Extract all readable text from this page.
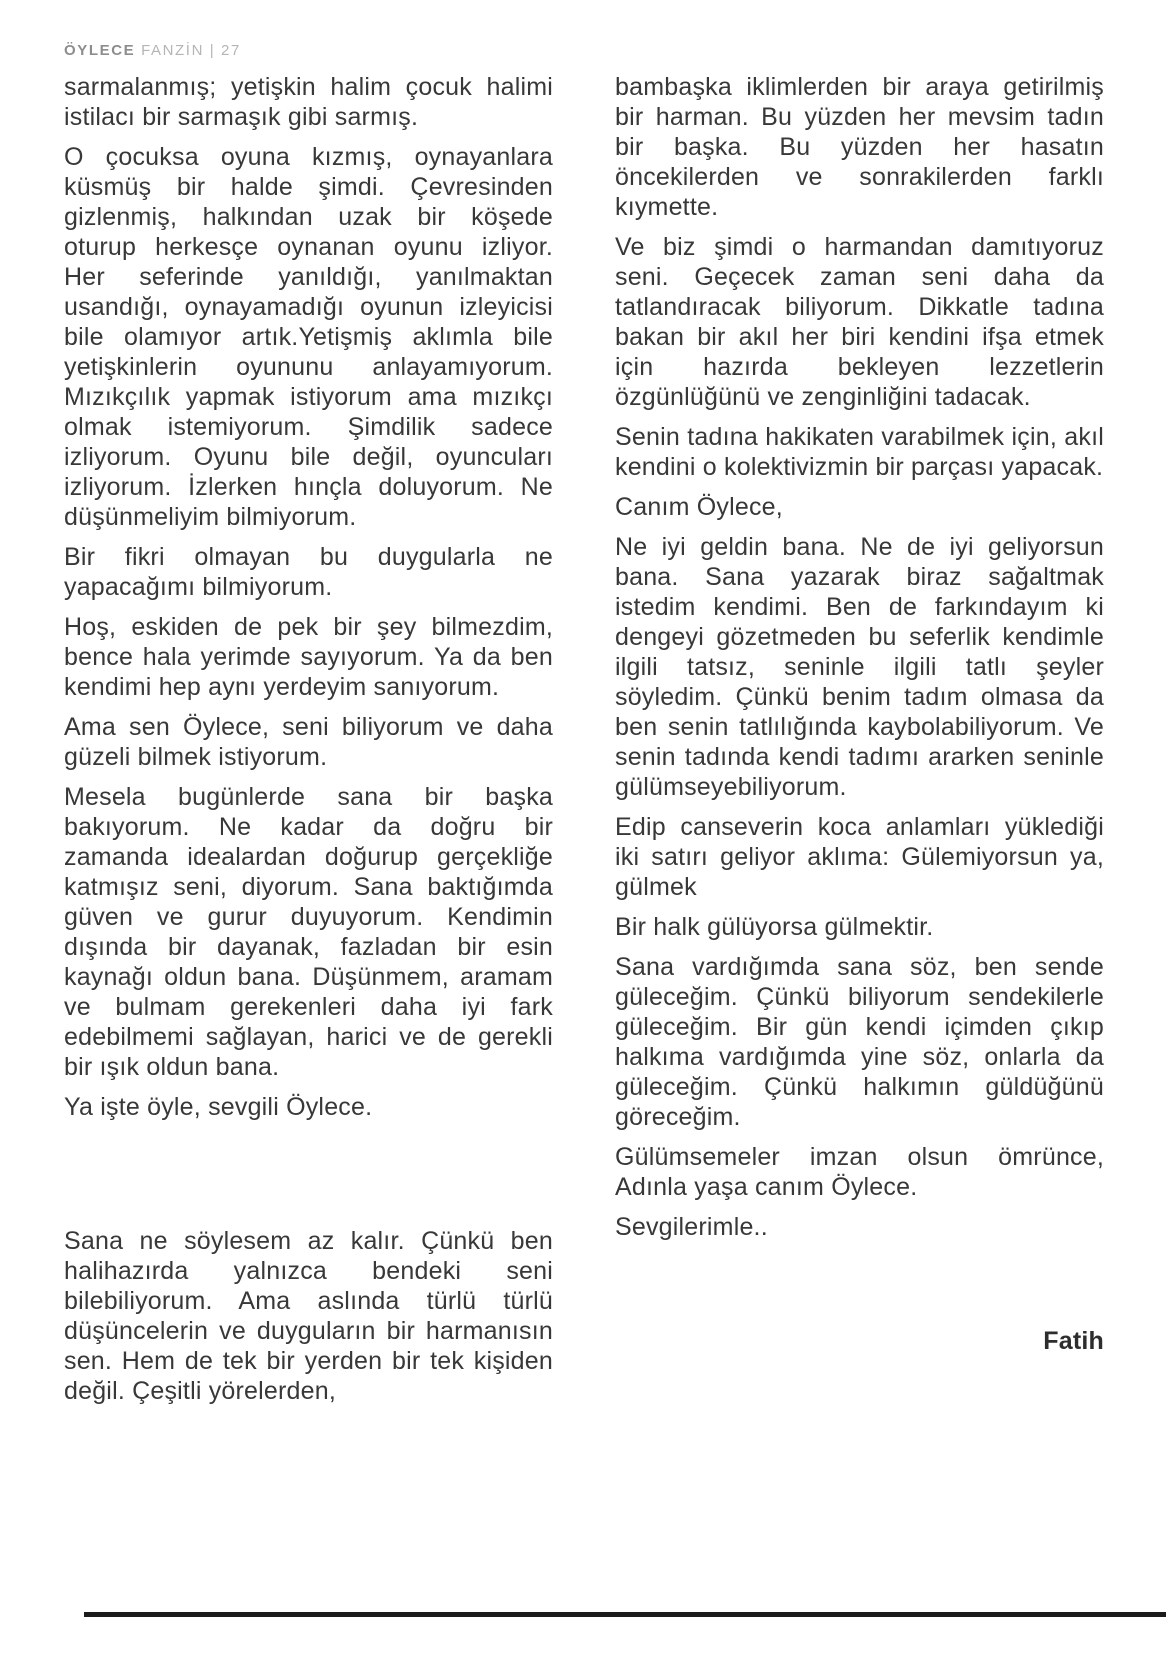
ÖYLECE FANZİN | 27

sarmalanmış; yetişkin halim çocuk halimi istilacı bir sarmaşık gibi sarmış.

O çocuksa oyuna kızmış, oynayanlara küsmüş bir halde şimdi. Çevresinden gizlenmiş, halkından uzak bir köşede oturup herkesçe oynanan oyunu izliyor. Her seferinde yanıldığı, yanılmaktan usandığı, oynayamadığı oyunun izleyicisi bile olamıyor artık.Yetişmiş aklımla bile yetişkinlerin oyununu anlayamıyorum. Mızıkçılık yapmak istiyorum ama mızıkçı olmak istemiyorum. Şimdilik sadece izliyorum. Oyunu bile değil, oyuncuları izliyorum. İzlerken hınçla doluyorum. Ne düşünmeliyim bilmiyorum.

Bir fikri olmayan bu duygularla ne yapacağımı bilmiyorum.

Hoş, eskiden de pek bir şey bilmezdim, bence hala yerimde sayıyorum. Ya da ben kendimi hep aynı yerdeyim sanıyorum.

Ama sen Öylece, seni biliyorum ve daha güzeli bilmek istiyorum.

Mesela bugünlerde sana bir başka bakıyorum. Ne kadar da doğru bir zamanda idealardan doğurup gerçekliğe katmışız seni, diyorum. Sana baktığımda güven ve gurur duyuyorum. Kendimin dışında bir dayanak, fazladan bir esin kaynağı oldun bana. Düşünmem, aramam ve bulmam gerekenleri daha iyi fark edebilmemi sağlayan, harici ve de gerekli bir ışık oldun bana.

Ya işte öyle, sevgili Öylece.

Sana ne söylesem az kalır. Çünkü ben halihazırda yalnızca bendeki seni bilebiliyorum. Ama aslında türlü türlü düşüncelerin ve duyguların bir harmanısın sen. Hem de tek bir yerden bir tek kişiden değil. Çeşitli yörelerden,

bambaşka iklimlerden bir araya getirilmiş bir harman. Bu yüzden her mevsim tadın bir başka. Bu yüzden her hasatın öncekilerden ve sonrakilerden farklı kıymette.

Ve biz şimdi o harmandan damıtıyoruz seni. Geçecek zaman seni daha da tatlandıracak biliyorum. Dikkatle tadına bakan bir akıl her biri kendini ifşa etmek için hazırda bekleyen lezzetlerin özgünlüğünü ve zenginliğini tadacak.

Senin tadına hakikaten varabilmek için, akıl kendini o kolektivizmin bir parçası yapacak.

Canım Öylece,

Ne iyi geldin bana. Ne de iyi geliyorsun bana. Sana yazarak biraz sağaltmak istedim kendimi. Ben de farkındayım ki dengeyi gözetmeden bu seferlik kendimle ilgili tatsız, seninle ilgili tatlı şeyler söyledim. Çünkü benim tadım olmasa da ben senin tatlılığında kaybolabiliyorum. Ve senin tadında kendi tadımı ararken seninle gülümseyebiliyorum.

Edip canseverin koca anlamları yüklediği iki satırı geliyor aklıma: Gülemiyorsun ya, gülmek

Bir halk gülüyorsa gülmektir.

Sana vardığımda sana söz, ben sende güleceğim. Çünkü biliyorum sendekilerle güleceğim. Bir gün kendi içimden çıkıp halkıma vardığımda yine söz, onlarla da güleceğim. Çünkü halkımın güldüğünü göreceğim.

Gülümsemeler imzan olsun ömrünce, Adınla yaşa canım Öylece.

Sevgilerimle..

Fatih
